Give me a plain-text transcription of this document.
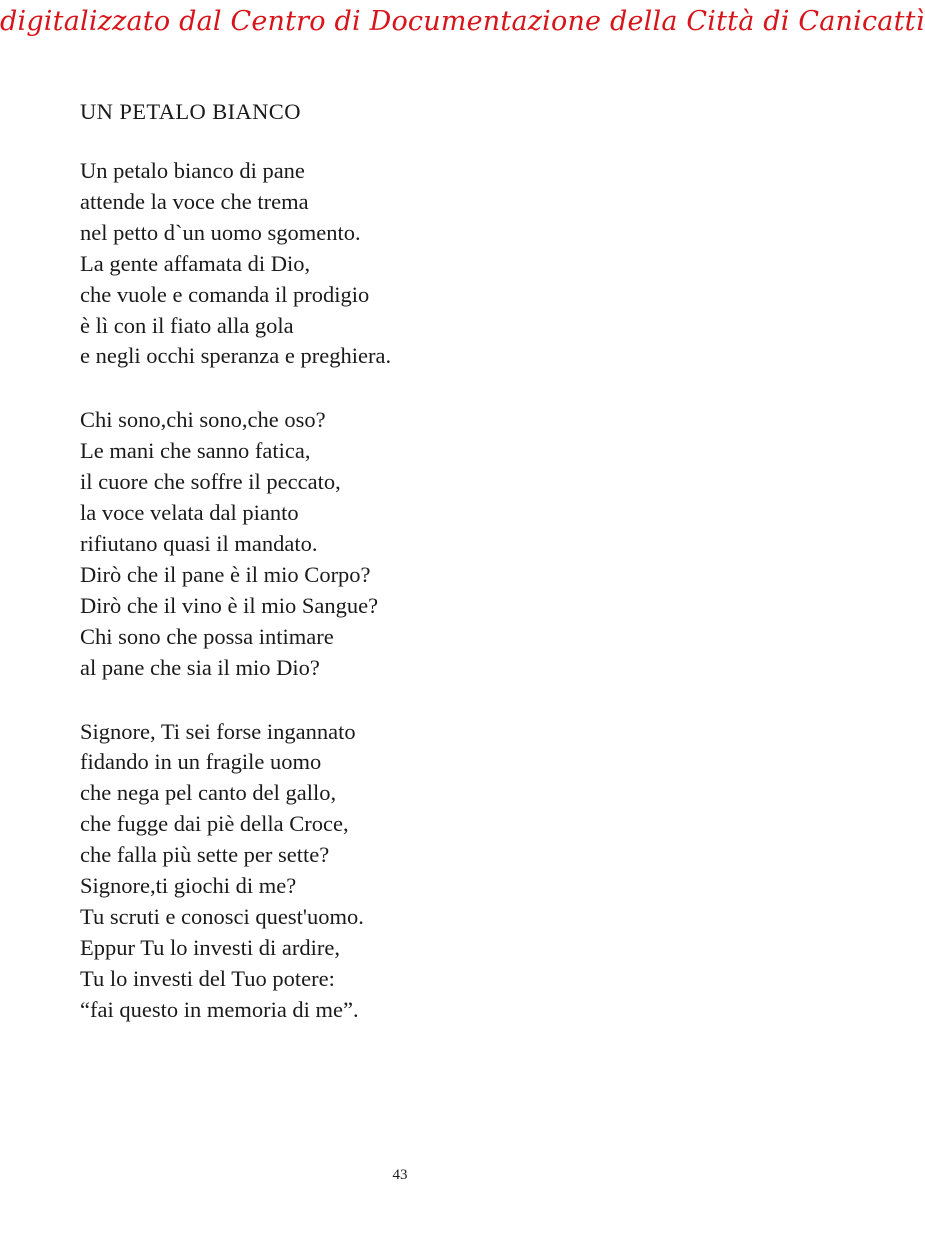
digitalizzato dal Centro di Documentazione della Città di Canicattì
UN PETALO BIANCO
Un petalo bianco di pane
attende la voce che trema
nel petto d`un uomo sgomento.
La gente affamata di Dio,
che vuole e comanda il prodigio
è lì con il fiato alla gola
e negli occhi speranza e preghiera.
Chi sono,chi sono,che oso?
Le mani che sanno fatica,
il cuore che soffre il peccato,
la voce velata dal pianto
rifiutano quasi il mandato.
Dirò che il pane è il mio Corpo?
Dirò che il vino è il mio Sangue?
Chi sono che possa intimare
al pane che sia il mio Dio?
Signore, Ti sei forse ingannato
fidando in un fragile uomo
che nega pel canto del gallo,
che fugge dai piè della Croce,
che falla più sette per sette?
Signore,ti giochi di me?
Tu scruti e conosci quest'uomo.
Eppur Tu lo investi di ardire,
Tu lo investi del Tuo potere:
“fai questo in memoria di me”.
43
